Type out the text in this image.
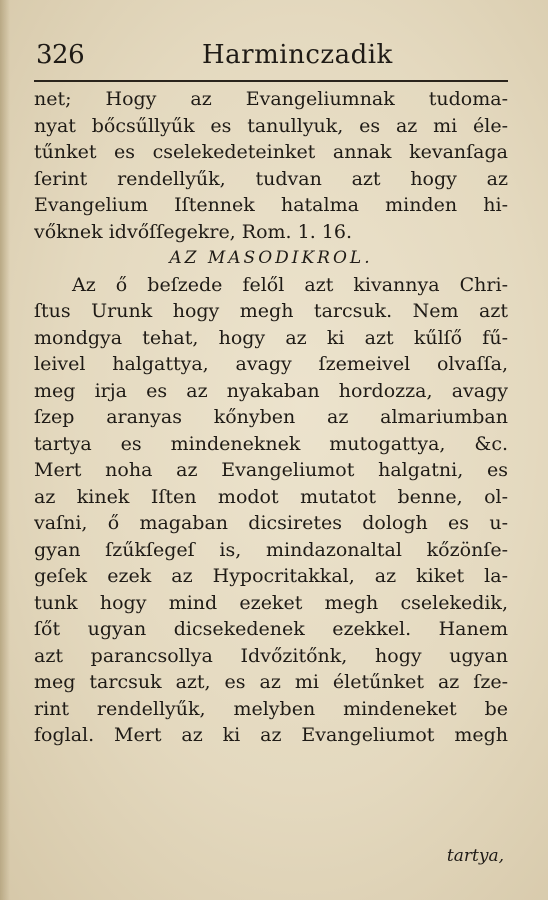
326	Harminczadik
net; Hogy az Evangeliumnak tudoma-
nyat bőcsűllyűk es tanullyuk, es az mi éle-
tűnket es cselekedeteinket annak kevanſaga
ſerint rendellyűk, tudvan azt hogy az
Evangelium Iſtennek hatalma minden hi-
vőknek idvőſſegekre, Rom. 1. 16.
AZ MASODIKROL.
Az ő beſzede felől azt kivannya Chri-
ſtus Urunk hogy megh tarcsuk. Nem azt
mondgya tehat, hogy az ki azt kűlſő fű-
leivel halgattya, avagy ſzemeivel olvaſſa,
meg irja es az nyakaban hordozza, avagy
ſzep aranyas kőnyben az almariumban
tartya es mindeneknek mutogattya, &c.
Mert noha az Evangeliumot halgatni, es
az kinek Iſten modot mutatot benne, ol-
vaſni, ő magaban dicsiretes dologh es u-
gyan ſzűkſegeſ is, mindazonaltal kőzönſe-
geſek ezek az Hypocritakkal, az kiket la-
tunk hogy mind ezeket megh cselekedik,
ſőt ugyan dicsekedenek ezekkel. Hanem
azt parancsollya Idvőzitőnk, hogy ugyan
meg tarcsuk azt, es az mi életűnket az ſze-
rint rendellyűk, melyben mindeneket be
foglal. Mert az ki az Evangeliumot megh
tartya,
